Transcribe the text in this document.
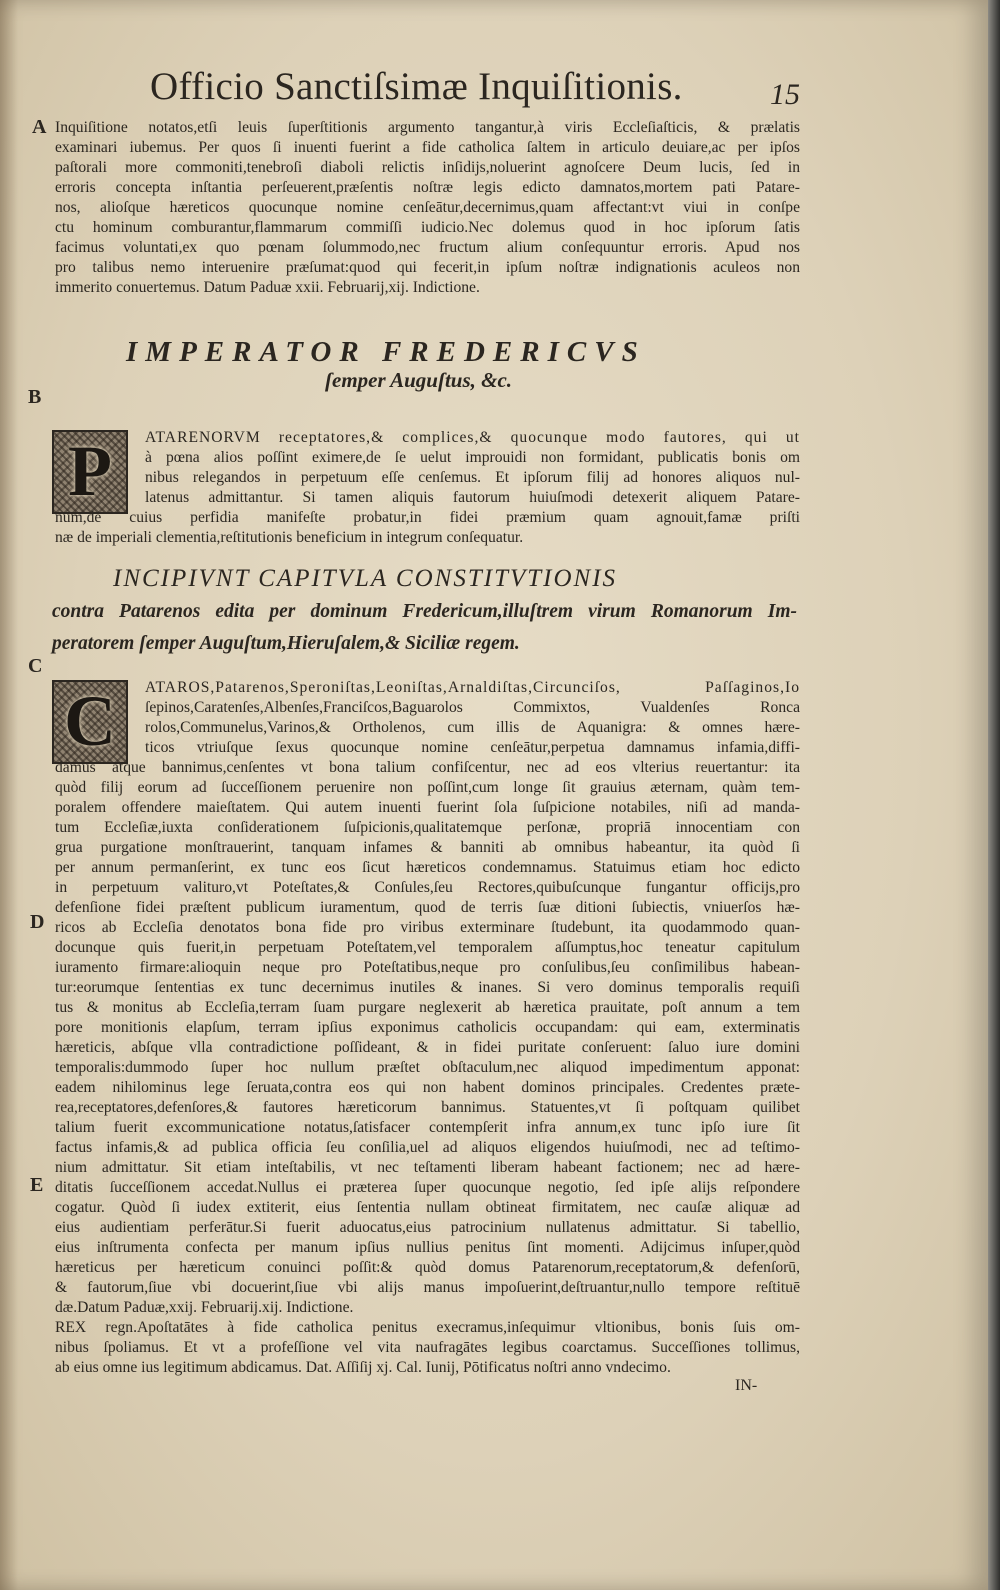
Officio Sanctiſsimæ Inquiſitionis.	15
A
B
C
D
E
Inquiſitione notatos,etſi leuis ſuperſtitionis argumento tangantur,à viris Eccleſiaſticis, & prælatis
examinari iubemus. Per quos ſi inuenti fuerint a fide catholica ſaltem in articulo deuiare,ac per ipſos
paſtorali more commoniti,tenebroſi diaboli relictis inſidijs,noluerint agnoſcere Deum lucis, ſed in
erroris concepta inſtantia perſeuerent,præſentis noſtræ legis edicto damnatos,mortem pati Patare-
nos, alioſque hæreticos quocunque nomine cenſeātur,decernimus,quam affectant:vt viui in conſpe
ctu hominum comburantur,flammarum commiſſi iudicio.Nec dolemus quod in hoc ipſorum ſatis
facimus voluntati,ex quo pœnam ſolummodo,nec fructum alium conſequuntur erroris. Apud nos
pro talibus nemo interuenire præſumat:quod qui fecerit,in ipſum noſtræ indignationis aculeos non
immerito conuertemus. Datum Paduæ xxii. Februarij,xij. Indictione.
IMPERATOR FREDERICVS
ſemper Auguſtus, &c.
P	ATARENORVM receptatores,& complices,& quocunque modo fautores, qui ut
à pœna alios poſſint eximere,de ſe uelut improuidi non formidant, publicatis bonis om
nibus relegandos in perpetuum eſſe cenſemus. Et ipſorum filij ad honores aliquos nul-
latenus admittantur. Si tamen aliquis fautorum huiuſmodi detexerit aliquem Patare-
num,de cuius perfidia manifeſte probatur,in fidei præmium quam agnouit,famæ priſti
næ de imperiali clementia,reſtitutionis beneficium in integrum conſequatur.
INCIPIVNT CAPITVLA CONSTITVTIONIS
contra Patarenos edita per dominum Fredericum,illuſtrem virum Romanorum Im-
peratorem ſemper Auguſtum,Hieruſalem,& Siciliæ regem.
C	ATAROS,Patarenos,Speroniſtas,Leoniſtas,Arnaldiſtas,Circunciſos, Paſſaginos,Io
ſepinos,Caratenſes,Albenſes,Franciſcos,Baguarolos Commixtos, Vualdenſes Ronca
rolos,Communelus,Varinos,& Ortholenos, cum illis de Aquanigra: & omnes hære-
ticos vtriuſque ſexus quocunque nomine cenſeātur,perpetua damnamus infamia,diffi-
damus atque bannimus,cenſentes vt bona talium confiſcentur, nec ad eos vlterius reuertantur: ita
quòd filij eorum ad ſucceſſionem peruenire non poſſint,cum longe ſit grauius æternam, quàm tem-
poralem offendere maieſtatem. Qui autem inuenti fuerint ſola ſuſpicione notabiles, niſi ad manda-
tum Eccleſiæ,iuxta conſiderationem ſuſpicionis,qualitatemque perſonæ, propriā innocentiam con
grua purgatione monſtrauerint, tanquam infames & banniti ab omnibus habeantur, ita quòd ſi
per annum permanſerint, ex tunc eos ſicut hæreticos condemnamus. Statuimus etiam hoc edicto
in perpetuum valituro,vt Poteſtates,& Conſules,ſeu Rectores,quibuſcunque fungantur officijs,pro
defenſione fidei præſtent publicum iuramentum, quod de terris ſuæ ditioni ſubiectis, vniuerſos hæ-
ricos ab Eccleſia denotatos bona fide pro viribus exterminare ſtudebunt, ita quodammodo quan-
docunque quis fuerit,in perpetuam Poteſtatem,vel temporalem aſſumptus,hoc teneatur capitulum
iuramento firmare:alioquin neque pro Poteſtatibus,neque pro conſulibus,ſeu conſimilibus habean-
tur:eorumque ſententias ex tunc decernimus inutiles & inanes. Si vero dominus temporalis requiſi
tus & monitus ab Eccleſia,terram ſuam purgare neglexerit ab hæretica prauitate, poſt annum a tem
pore monitionis elapſum, terram ipſius exponimus catholicis occupandam: qui eam, exterminatis
hæreticis, abſque vlla contradictione poſſideant, & in fidei puritate conſeruent: ſaluo iure domini
temporalis:dummodo ſuper hoc nullum præſtet obſtaculum,nec aliquod impedimentum apponat:
eadem nihilominus lege ſeruata,contra eos qui non habent dominos principales. Credentes præte-
rea,receptatores,defenſores,& fautores hæreticorum bannimus. Statuentes,vt ſi poſtquam quilibet
talium fuerit excommunicatione notatus,ſatisfacer contempſerit infra annum,ex tunc ipſo iure ſit
factus infamis,& ad publica officia ſeu conſilia,uel ad aliquos eligendos huiuſmodi, nec ad teſtimo-
nium admittatur. Sit etiam inteſtabilis, vt nec teſtamenti liberam habeant factionem; nec ad hære-
ditatis ſucceſſionem accedat.Nullus ei præterea ſuper quocunque negotio, ſed ipſe alijs reſpondere
cogatur. Quòd ſi iudex extiterit, eius ſententia nullam obtineat firmitatem, nec cauſæ aliquæ ad
eius audientiam perferātur.Si fuerit aduocatus,eius patrocinium nullatenus admittatur. Si tabellio,
eius inſtrumenta confecta per manum ipſius nullius penitus ſint momenti. Adijcimus inſuper,quòd
hæreticus per hæreticum conuinci poſſit:& quòd domus Patarenorum,receptatorum,& defenſorū,
& fautorum,ſiue vbi docuerint,ſiue vbi alijs manus impoſuerint,deſtruantur,nullo tempore reſtituē
dæ.Datum Paduæ,xxij. Februarij.xij. Indictione.
REX regn.Apoſtatātes à fide catholica penitus execramus,inſequimur vltionibus, bonis ſuis om-
nibus ſpoliamus. Et vt a profeſſione vel vita naufragātes legibus coarctamus. Succeſſiones tollimus,
ab eius omne ius legitimum abdicamus. Dat. Aſſiſij xj. Cal. Iunij, Pōtificatus noſtri anno vndecimo.
IN-
